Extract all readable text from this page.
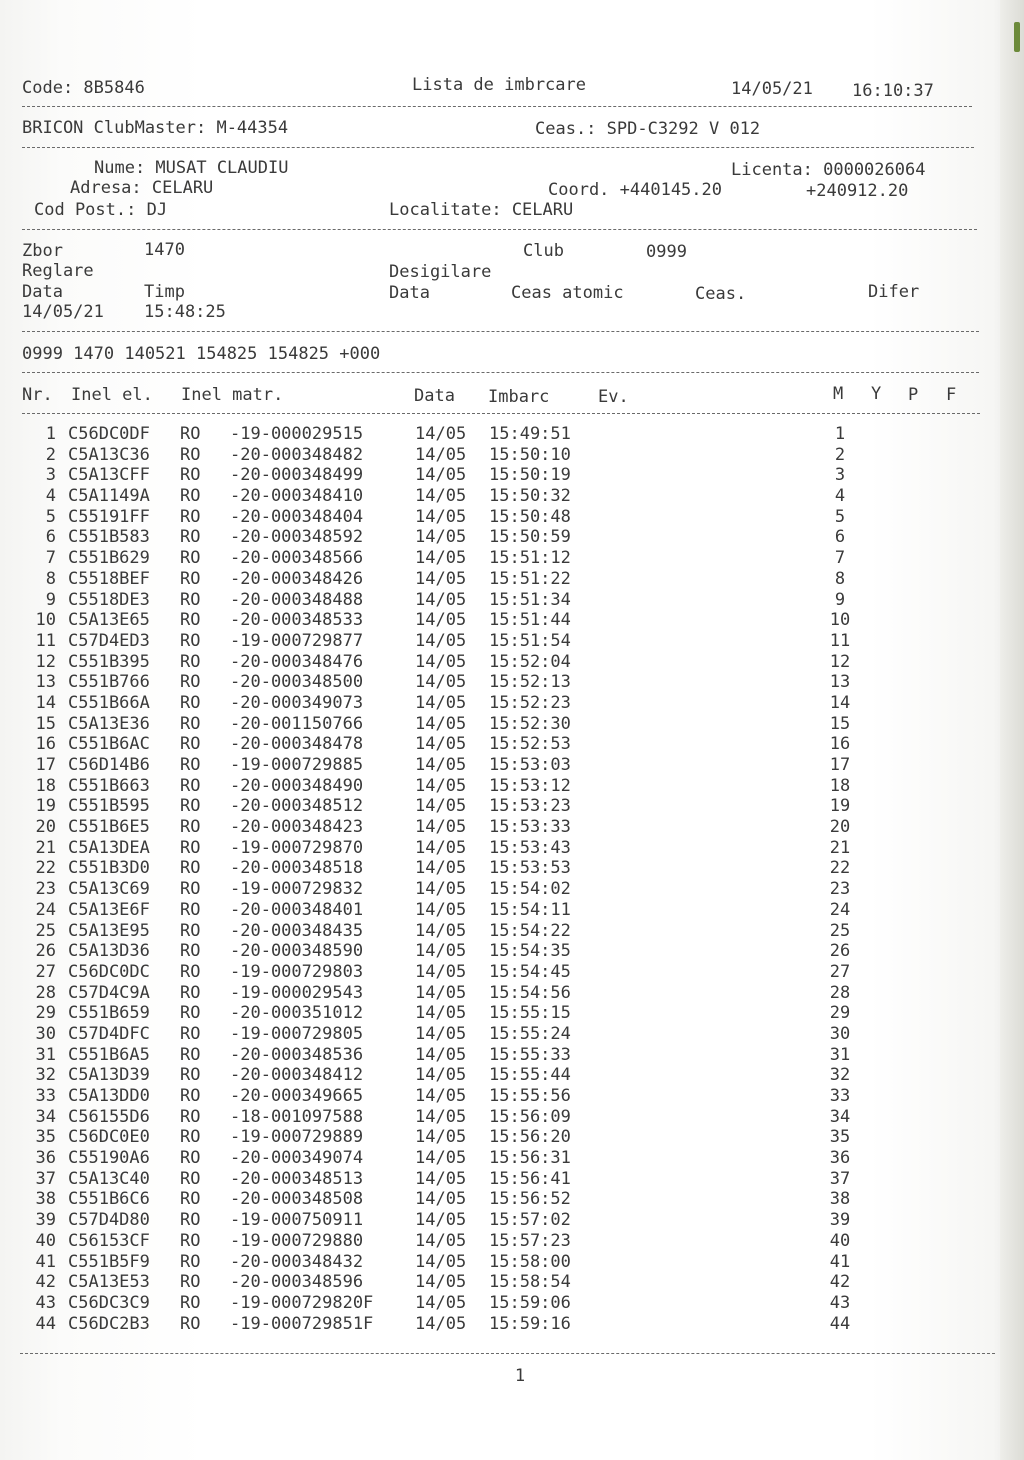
Code: 8B5846	Lista de imbrcare	14/05/21 16:10:37
BRICON ClubMaster: M-44354	Ceas.: SPD-C3292 V 012
Nume: MUSAT CLAUDIU	Licenta: 0000026064
Adresa: CELARU	Coord. +440145.20	+240912.20
Cod Post.: DJ	Localitate: CELARU
Zbor	1470	Club	0999
Reglare	Desigilare
Data	Timp	Data	Ceas atomic	Ceas.	Difer
14/05/21 15:48:25
0999 1470 140521 154825 154825 +000
Nr. Inel el. Inel matr.	Data Imbarc	Ev.	M Y P F
1 C56DC0DF RO -19-000029515	14/05 15:49:51	1
2 C5A13C36 RO -20-000348482	14/05 15:50:10	2
3 C5A13CFF RO -20-000348499	14/05 15:50:19	3
4 C5A1149A RO -20-000348410	14/05 15:50:32	4
5 C55191FF RO -20-000348404	14/05 15:50:48	5
6 C551B583 RO -20-000348592	14/05 15:50:59	6
7 C551B629 RO -20-000348566	14/05 15:51:12	7
8 C5518BEF RO -20-000348426	14/05 15:51:22	8
9 C5518DE3 RO -20-000348488	14/05 15:51:34	9
10 C5A13E65 RO -20-000348533	14/05 15:51:44	10
11 C57D4ED3 RO -19-000729877	14/05 15:51:54	11
12 C551B395 RO -20-000348476	14/05 15:52:04	12
13 C551B766 RO -20-000348500	14/05 15:52:13	13
14 C551B66A RO -20-000349073	14/05 15:52:23	14
15 C5A13E36 RO -20-001150766	14/05 15:52:30	15
16 C551B6AC RO -20-000348478	14/05 15:52:53	16
17 C56D14B6 RO -19-000729885	14/05 15:53:03	17
18 C551B663 RO -20-000348490	14/05 15:53:12	18
19 C551B595 RO -20-000348512	14/05 15:53:23	19
20 C551B6E5 RO -20-000348423	14/05 15:53:33	20
21 C5A13DEA RO -19-000729870	14/05 15:53:43	21
22 C551B3D0 RO -20-000348518	14/05 15:53:53	22
23 C5A13C69 RO -19-000729832	14/05 15:54:02	23
24 C5A13E6F RO -20-000348401	14/05 15:54:11	24
25 C5A13E95 RO -20-000348435	14/05 15:54:22	25
26 C5A13D36 RO -20-000348590	14/05 15:54:35	26
27 C56DC0DC RO -19-000729803	14/05 15:54:45	27
28 C57D4C9A RO -19-000029543	14/05 15:54:56	28
29 C551B659 RO -20-000351012	14/05 15:55:15	29
30 C57D4DFC RO -19-000729805	14/05 15:55:24	30
31 C551B6A5 RO -20-000348536	14/05 15:55:33	31
32 C5A13D39 RO -20-000348412	14/05 15:55:44	32
33 C5A13DD0 RO -20-000349665	14/05 15:55:56	33
34 C56155D6 RO -18-001097588	14/05 15:56:09	34
35 C56DC0E0 RO -19-000729889	14/05 15:56:20	35
36 C55190A6 RO -20-000349074	14/05 15:56:31	36
37 C5A13C40 RO -20-000348513	14/05 15:56:41	37
38 C551B6C6 RO -20-000348508	14/05 15:56:52	38
39 C57D4D80 RO -19-000750911	14/05 15:57:02	39
40 C56153CF RO -19-000729880	14/05 15:57:23	40
41 C551B5F9 RO -20-000348432	14/05 15:58:00	41
42 C5A13E53 RO -20-000348596	14/05 15:58:54	42
43 C56DC3C9 RO -19-000729820F 14/05 15:59:06	43
44 C56DC2B3 RO -19-000729851F 14/05 15:59:16	44
1
